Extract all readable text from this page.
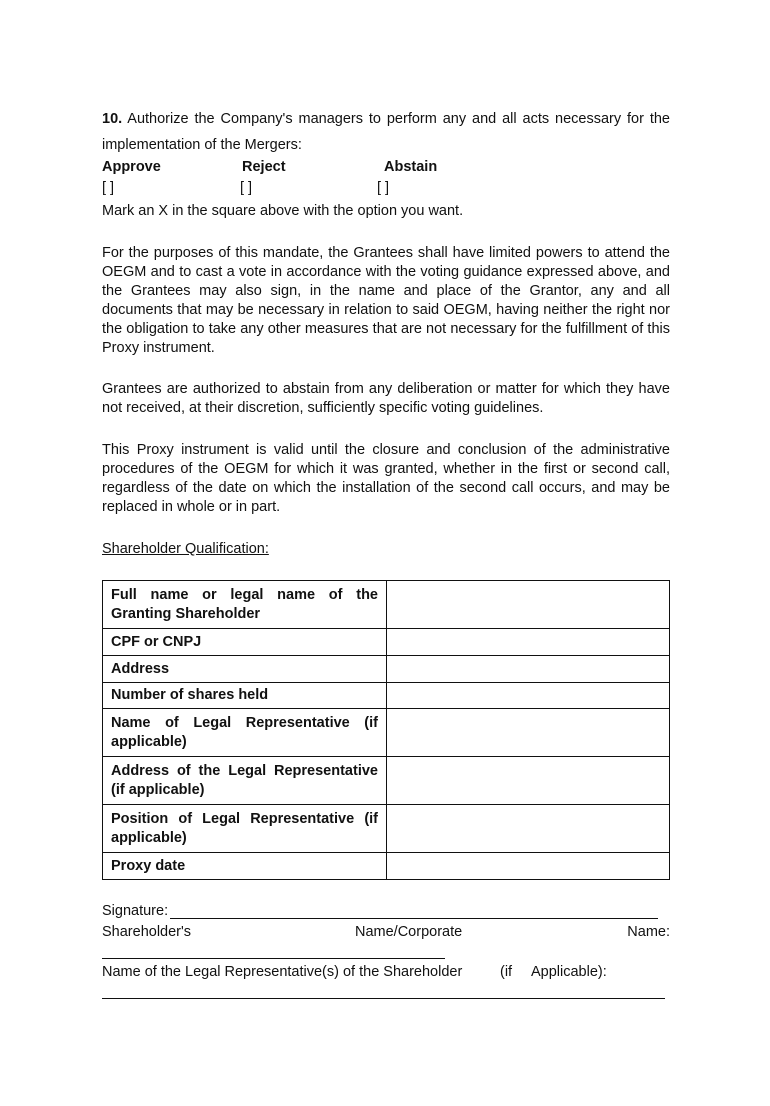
10. Authorize the Company's managers to perform any and all acts necessary for the implementation of the Mergers:
Approve	Reject	Abstain
[ ]	[ ]	[ ]
Mark an X in the square above with the option you want.
For the purposes of this mandate, the Grantees shall have limited powers to attend the OEGM and to cast a vote in accordance with the voting guidance expressed above, and the Grantees may also sign, in the name and place of the Grantor, any and all documents that may be necessary in relation to said OEGM, having neither the right nor the obligation to take any other measures that are not necessary for the fulfillment of this Proxy instrument.
Grantees are authorized to abstain from any deliberation or matter for which they have not received, at their discretion, sufficiently specific voting guidelines.
This Proxy instrument is valid until the closure and conclusion of the administrative procedures of the OEGM for which it was granted, whether in the first or second call, regardless of the date on which the installation of the second call occurs, and may be replaced in whole or in part.
Shareholder Qualification:
Full name or legal name of the Granting Shareholder	
CPF or CNPJ	
Address	
Number of shares held	
Name of Legal Representative (if applicable)	
Address of the Legal Representative (if applicable)	
Position of Legal Representative (if applicable)	
Proxy date	
Signature:
Shareholder's	Name/Corporate	Name:
Name of the Legal Representative(s) of the Shareholder	(if Applicable):
